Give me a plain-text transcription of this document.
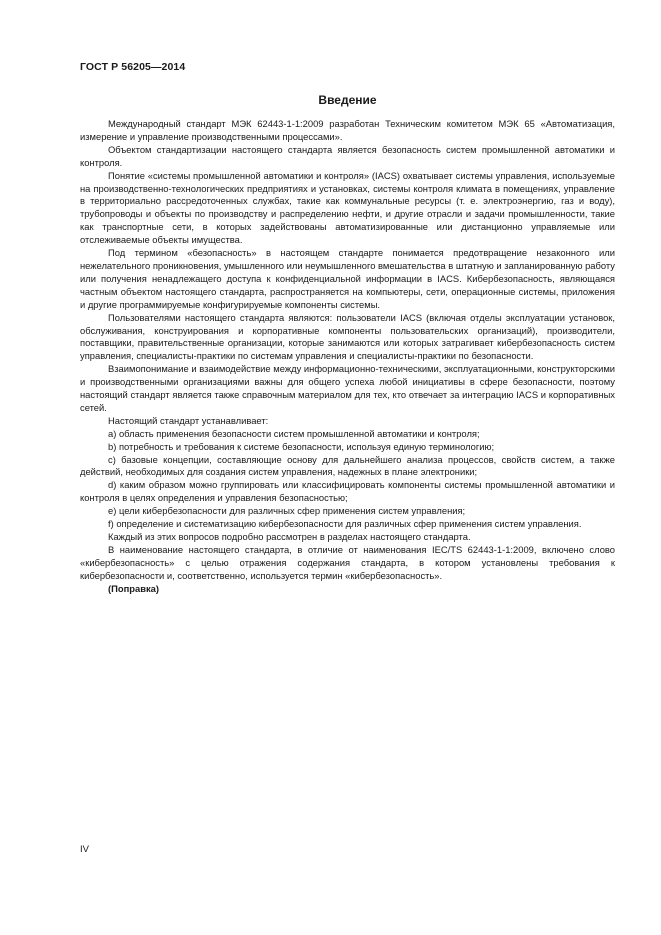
ГОСТ Р 56205—2014
Введение

Международный стандарт МЭК 62443-1-1:2009 разработан Техническим комитетом МЭК 65 «Автоматизация, измерение и управление производственными процессами».

Объектом стандартизации настоящего стандарта является безопасность систем промышленной автоматики и контроля.

Понятие «системы промышленной автоматики и контроля» (IACS) охватывает системы управления, используемые на производственно-технологических предприятиях и установках, системы контроля климата в помещениях, управление в территориально рассредоточенных службах, такие как коммунальные ресурсы (т. е. электроэнергию, газ и воду), трубопроводы и объекты по производству и распределению нефти, и другие отрасли и задачи промышленности, такие как транспортные сети, в которых задействованы автоматизированные или дистанционно управляемые или отслеживаемые объекты имущества.

Под термином «безопасность» в настоящем стандарте понимается предотвращение незаконного или нежелательного проникновения, умышленного или неумышленного вмешательства в штатную и запланированную работу или получения ненадлежащего доступа к конфиденциальной информации в IACS. Кибербезопасность, являющаяся частным объектом настоящего стандарта, распространяется на компьютеры, сети, операционные системы, приложения и другие программируемые конфигурируемые компоненты системы.

Пользователями настоящего стандарта являются: пользователи IACS (включая отделы эксплуатации установок, обслуживания, конструирования и корпоративные компоненты пользовательских организаций), производители, поставщики, правительственные организации, которые занимаются или которых затрагивает кибербезопасность систем управления, специалисты-практики по системам управления и специалисты-практики по безопасности.

Взаимопонимание и взаимодействие между информационно-техническими, эксплуатационными, конструкторскими и производственными организациями важны для общего успеха любой инициативы в сфере безопасности, поэтому настоящий стандарт является также справочным материалом для тех, кто отвечает за интеграцию IACS и корпоративных сетей.

Настоящий стандарт устанавливает:

a) область применения безопасности систем промышленной автоматики и контроля;

b) потребность и требования к системе безопасности, используя единую терминологию;

c) базовые концепции, составляющие основу для дальнейшего анализа процессов, свойств систем, а также действий, необходимых для создания систем управления, надежных в плане электроники;

d) каким образом можно группировать или классифицировать компоненты системы промышленной автоматики и контроля в целях определения и управления безопасностью;

e) цели кибербезопасности для различных сфер применения систем управления;

f) определение и систематизацию кибербезопасности для различных сфер применения систем управления.

Каждый из этих вопросов подробно рассмотрен в разделах настоящего стандарта.

В наименование настоящего стандарта, в отличие от наименования IEC/TS 62443-1-1:2009, включено слово «кибербезопасность» с целью отражения содержания стандарта, в котором установлены требования к кибербезопасности и, соответственно, используется термин «кибербезопасность».

(Поправка)

IV
